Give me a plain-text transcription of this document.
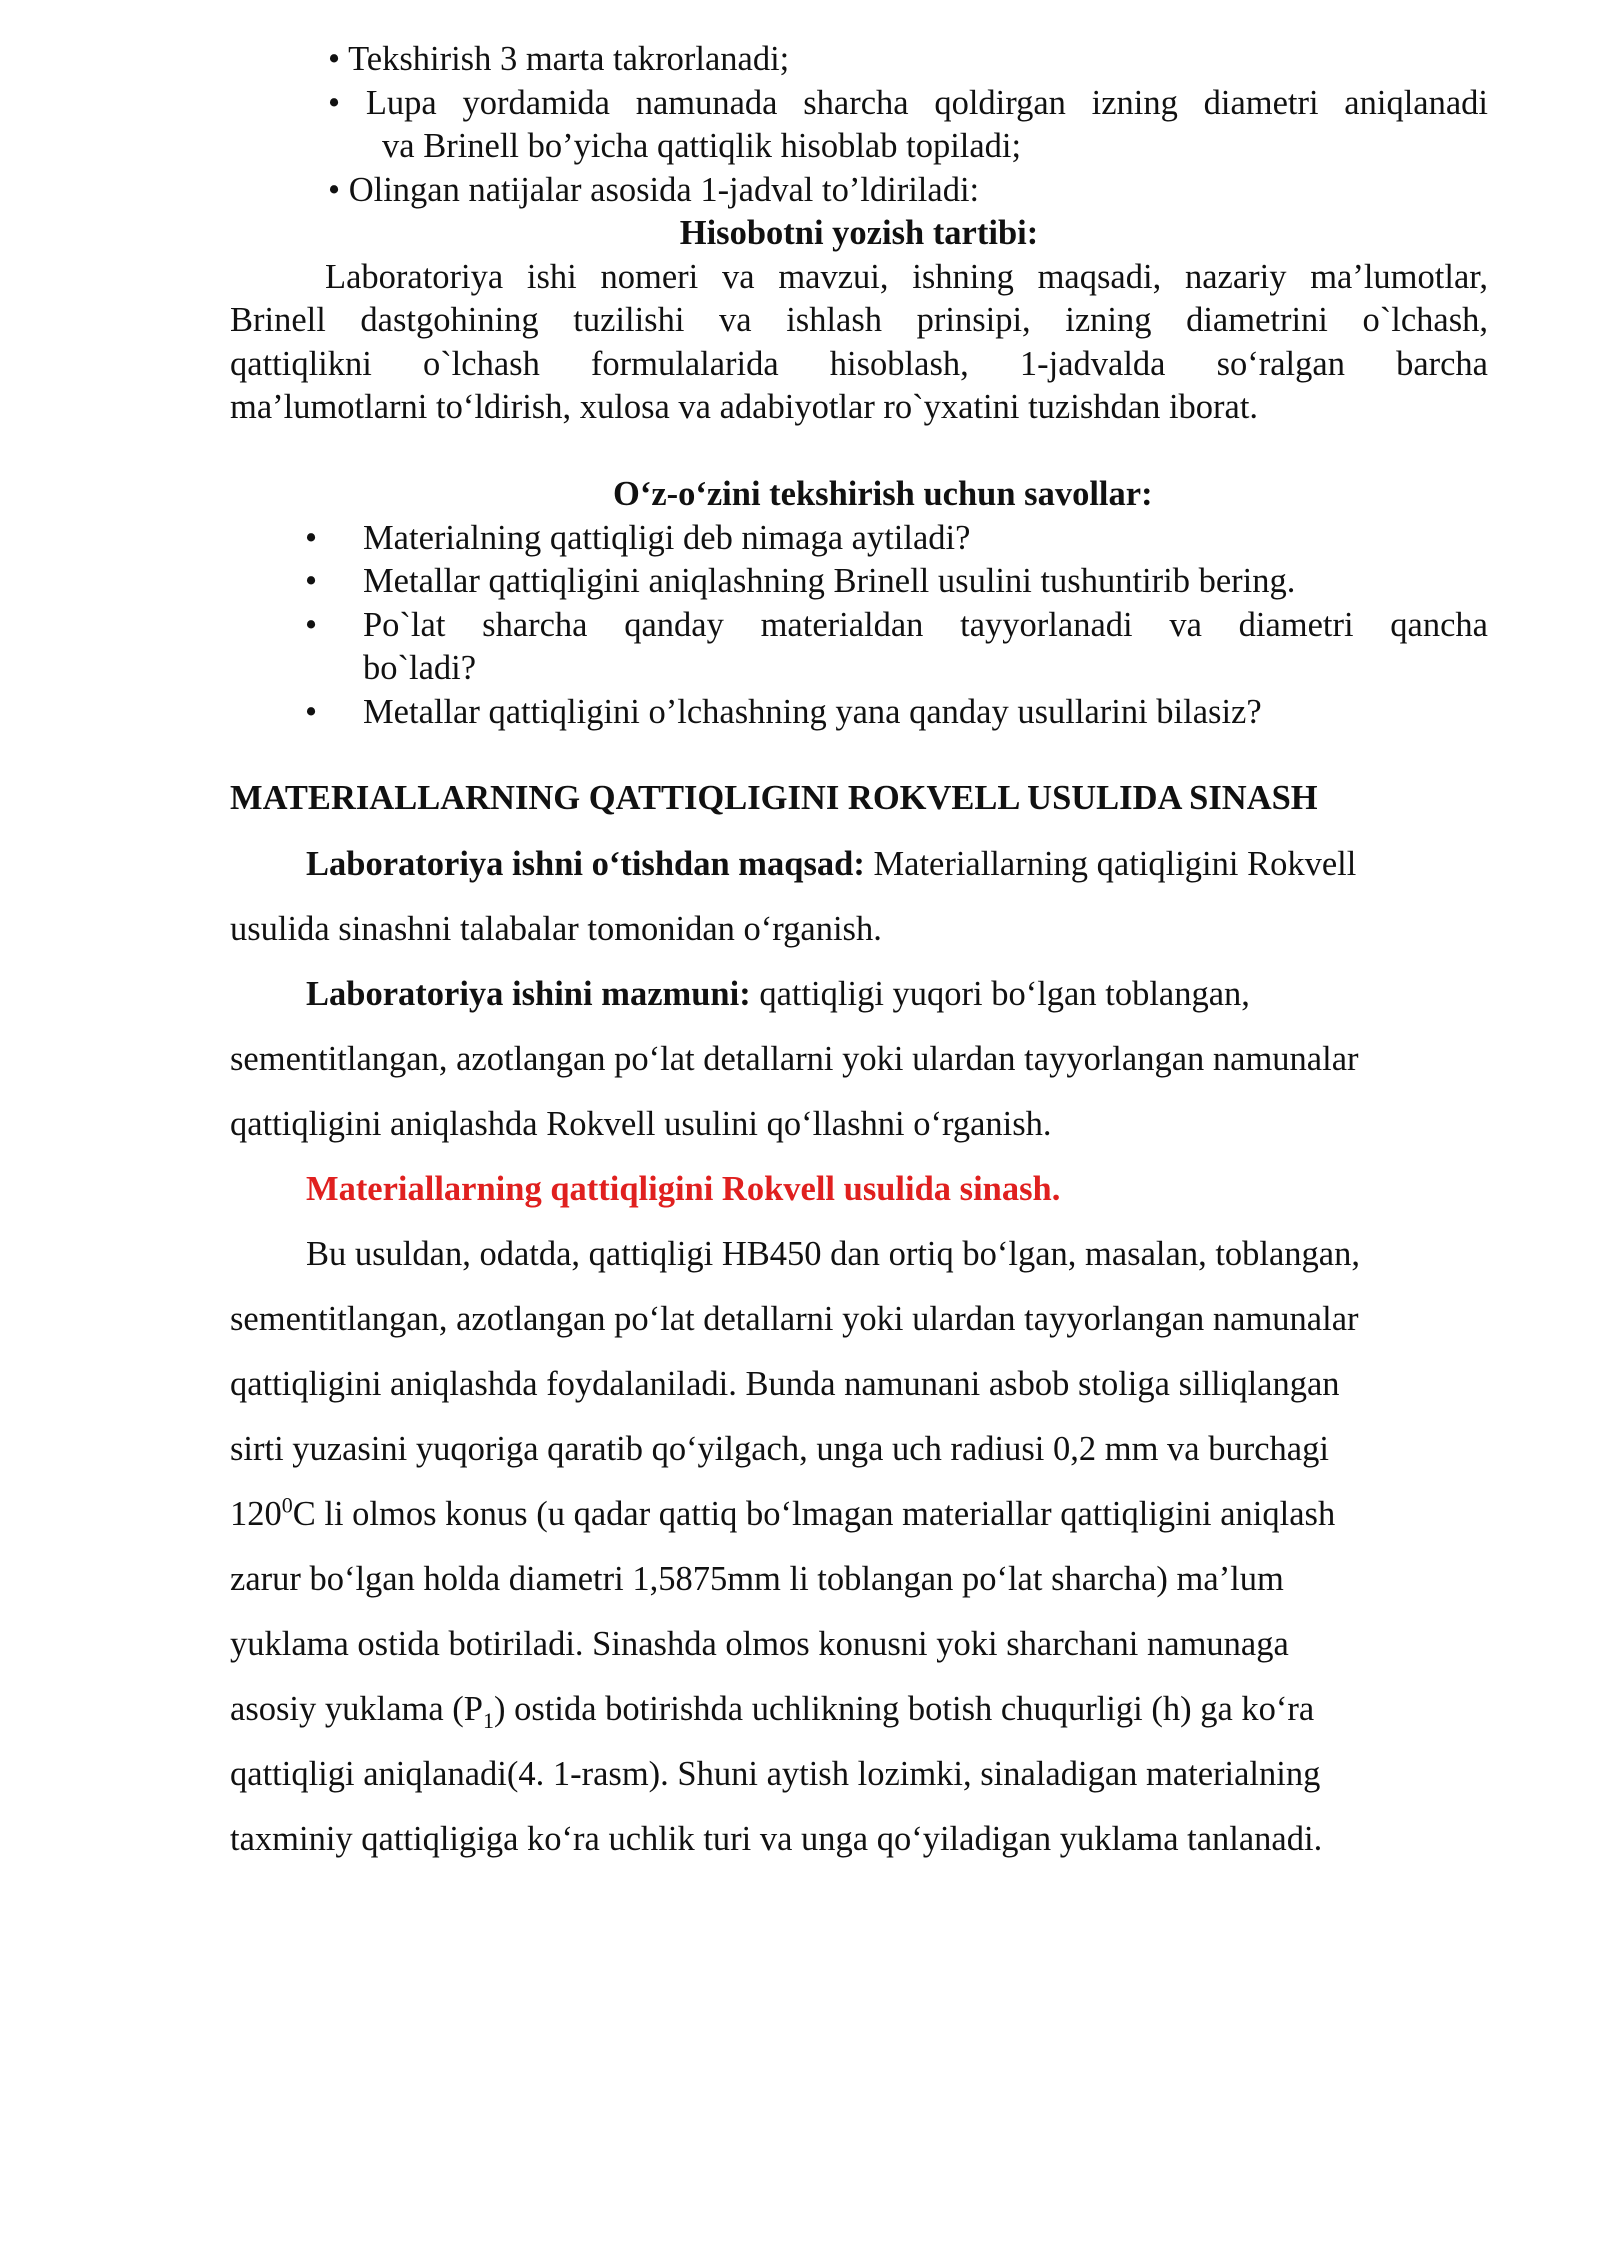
• Tekshirish 3 marta takrorlanadi;
• Lupa yordamida namunada sharcha qoldirgan izning diametri aniqlanadi
va Brinell bo’yicha qattiqlik hisoblab topiladi;
• Olingan natijalar asosida 1-jadval to’ldiriladi:
Hisobotni yozish tartibi:
Laboratoriya ishi nomeri va mavzui, ishning maqsadi, nazariy ma’lumotlar,
Brinell dastgohining tuzilishi va ishlash prinsipi, izning diametrini o`lchash,
qattiqlikni o`lchash formulalarida hisoblash, 1-jadvalda so‘ralgan barcha
ma’lumotlarni to‘ldirish, xulosa va adabiyotlar ro`yxatini tuzishdan iborat.
O‘z-o‘zini tekshirish uchun savollar:
• Materialning qattiqligi deb nimaga aytiladi?
• Metallar qattiqligini aniqlashning Brinell usulini tushuntirib bering.
• Po`lat sharcha qanday materialdan tayyorlanadi va diametri qancha
bo`ladi?
• Metallar qattiqligini o’lchashning yana qanday usullarini bilasiz?
MATERIALLARNING QATTIQLIGINI ROKVELL USULIDA SINASH
Laboratoriya ishni o‘tishdan maqsad: Materiallarning qatiqligini Rokvell
usulida sinashni talabalar tomonidan o‘rganish.
Laboratoriya ishini mazmuni: qattiqligi yuqori bo‘lgan toblangan,
sementitlangan, azotlangan po‘lat detallarni yoki ulardan tayyorlangan namunalar
qattiqligini aniqlashda Rokvell usulini qo‘llashni o‘rganish.
Materiallarning qattiqligini Rokvell usulida sinash.
Bu usuldan, odatda, qattiqligi HB450 dan ortiq bo‘lgan, masalan, toblangan,
sementitlangan, azotlangan po‘lat detallarni yoki ulardan tayyorlangan namunalar
qattiqligini aniqlashda foydalaniladi. Bunda namunani asbob stoliga silliqlangan
sirti yuzasini yuqoriga qaratib qo‘yilgach, unga uch radiusi 0,2 mm va burchagi
$120^0C$ li olmos konus (u qadar qattiq bo‘lmagan materiallar qattiqligini aniqlash
zarur bo‘lgan holda diametri 1,5875mm li toblangan po‘lat sharcha) ma’lum
yuklama ostida botiriladi. Sinashda olmos konusni yoki sharchani namunaga
asosiy yuklama $(P_1)$ ostida botirishda uchlikning botish chuqurligi (h) ga ko‘ra
qattiqligi aniqlanadi(4. 1-rasm). Shuni aytish lozimki, sinaladigan materialning
taxminiy qattiqligiga ko‘ra uchlik turi va unga qo‘yiladigan yuklama tanlanadi.
